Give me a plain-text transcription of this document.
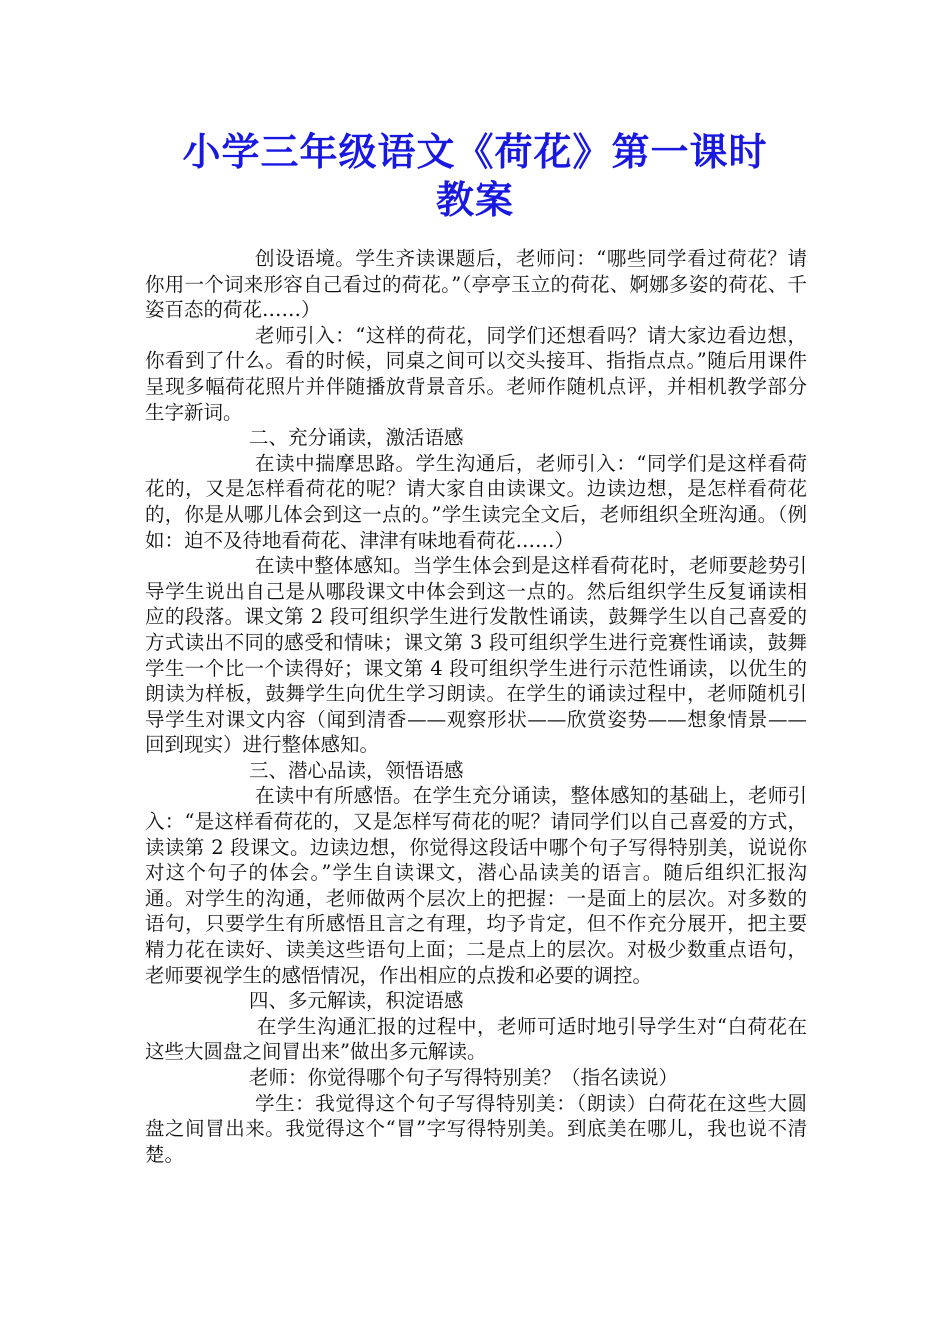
小学三年级语文《荷花》第一课时
教案

创设语境。学生齐读课题后，老师问：“哪些同学看过荷花？请你用一个词来形容自己看过的荷花。”（亭亭玉立的荷花、婀娜多姿的荷花、千姿百态的荷花……）

老师引入：“这样的荷花，同学们还想看吗？请大家边看边想，你看到了什么。看的时候，同桌之间可以交头接耳、指指点点。”随后用课件呈现多幅荷花照片并伴随播放背景音乐。老师作随机点评，并相机教学部分生字新词。

二、充分诵读，激活语感

在读中揣摩思路。学生沟通后，老师引入：“同学们是这样看荷花的，又是怎样看荷花的呢？请大家自由读课文。边读边想，是怎样看荷花的，你是从哪儿体会到这一点的。”学生读完全文后，老师组织全班沟通。（例如：迫不及待地看荷花、津津有味地看荷花……）

在读中整体感知。当学生体会到是这样看荷花时，老师要趁势引导学生说出自己是从哪段课文中体会到这一点的。然后组织学生反复诵读相应的段落。课文第 2 段可组织学生进行发散性诵读，鼓舞学生以自己喜爱的方式读出不同的感受和情味；课文第 3 段可组织学生进行竞赛性诵读，鼓舞学生一个比一个读得好；课文第 4 段可组织学生进行示范性诵读，以优生的朗读为样板，鼓舞学生向优生学习朗读。在学生的诵读过程中，老师随机引导学生对课文内容（闻到清香——观察形状——欣赏姿势——想象情景——回到现实）进行整体感知。

三、潜心品读，领悟语感

在读中有所感悟。在学生充分诵读，整体感知的基础上，老师引入：“是这样看荷花的，又是怎样写荷花的呢？请同学们以自己喜爱的方式，读读第 2 段课文。边读边想，你觉得这段话中哪个句子写得特别美，说说你对这个句子的体会。”学生自读课文，潜心品读美的语言。随后组织汇报沟通。对学生的沟通，老师做两个层次上的把握：一是面上的层次。对多数的语句，只要学生有所感悟且言之有理，均予肯定，但不作充分展开，把主要精力花在读好、读美这些语句上面；二是点上的层次。对极少数重点语句，老师要视学生的感悟情况，作出相应的点拨和必要的调控。

四、多元解读，积淀语感

在学生沟通汇报的过程中，老师可适时地引导学生对“白荷花在这些大圆盘之间冒出来”做出多元解读。

老师：你觉得哪个句子写得特别美？（指名读说）

学生：我觉得这个句子写得特别美：（朗读）白荷花在这些大圆盘之间冒出来。我觉得这个“冒”字写得特别美。到底美在哪儿，我也说不清楚。
